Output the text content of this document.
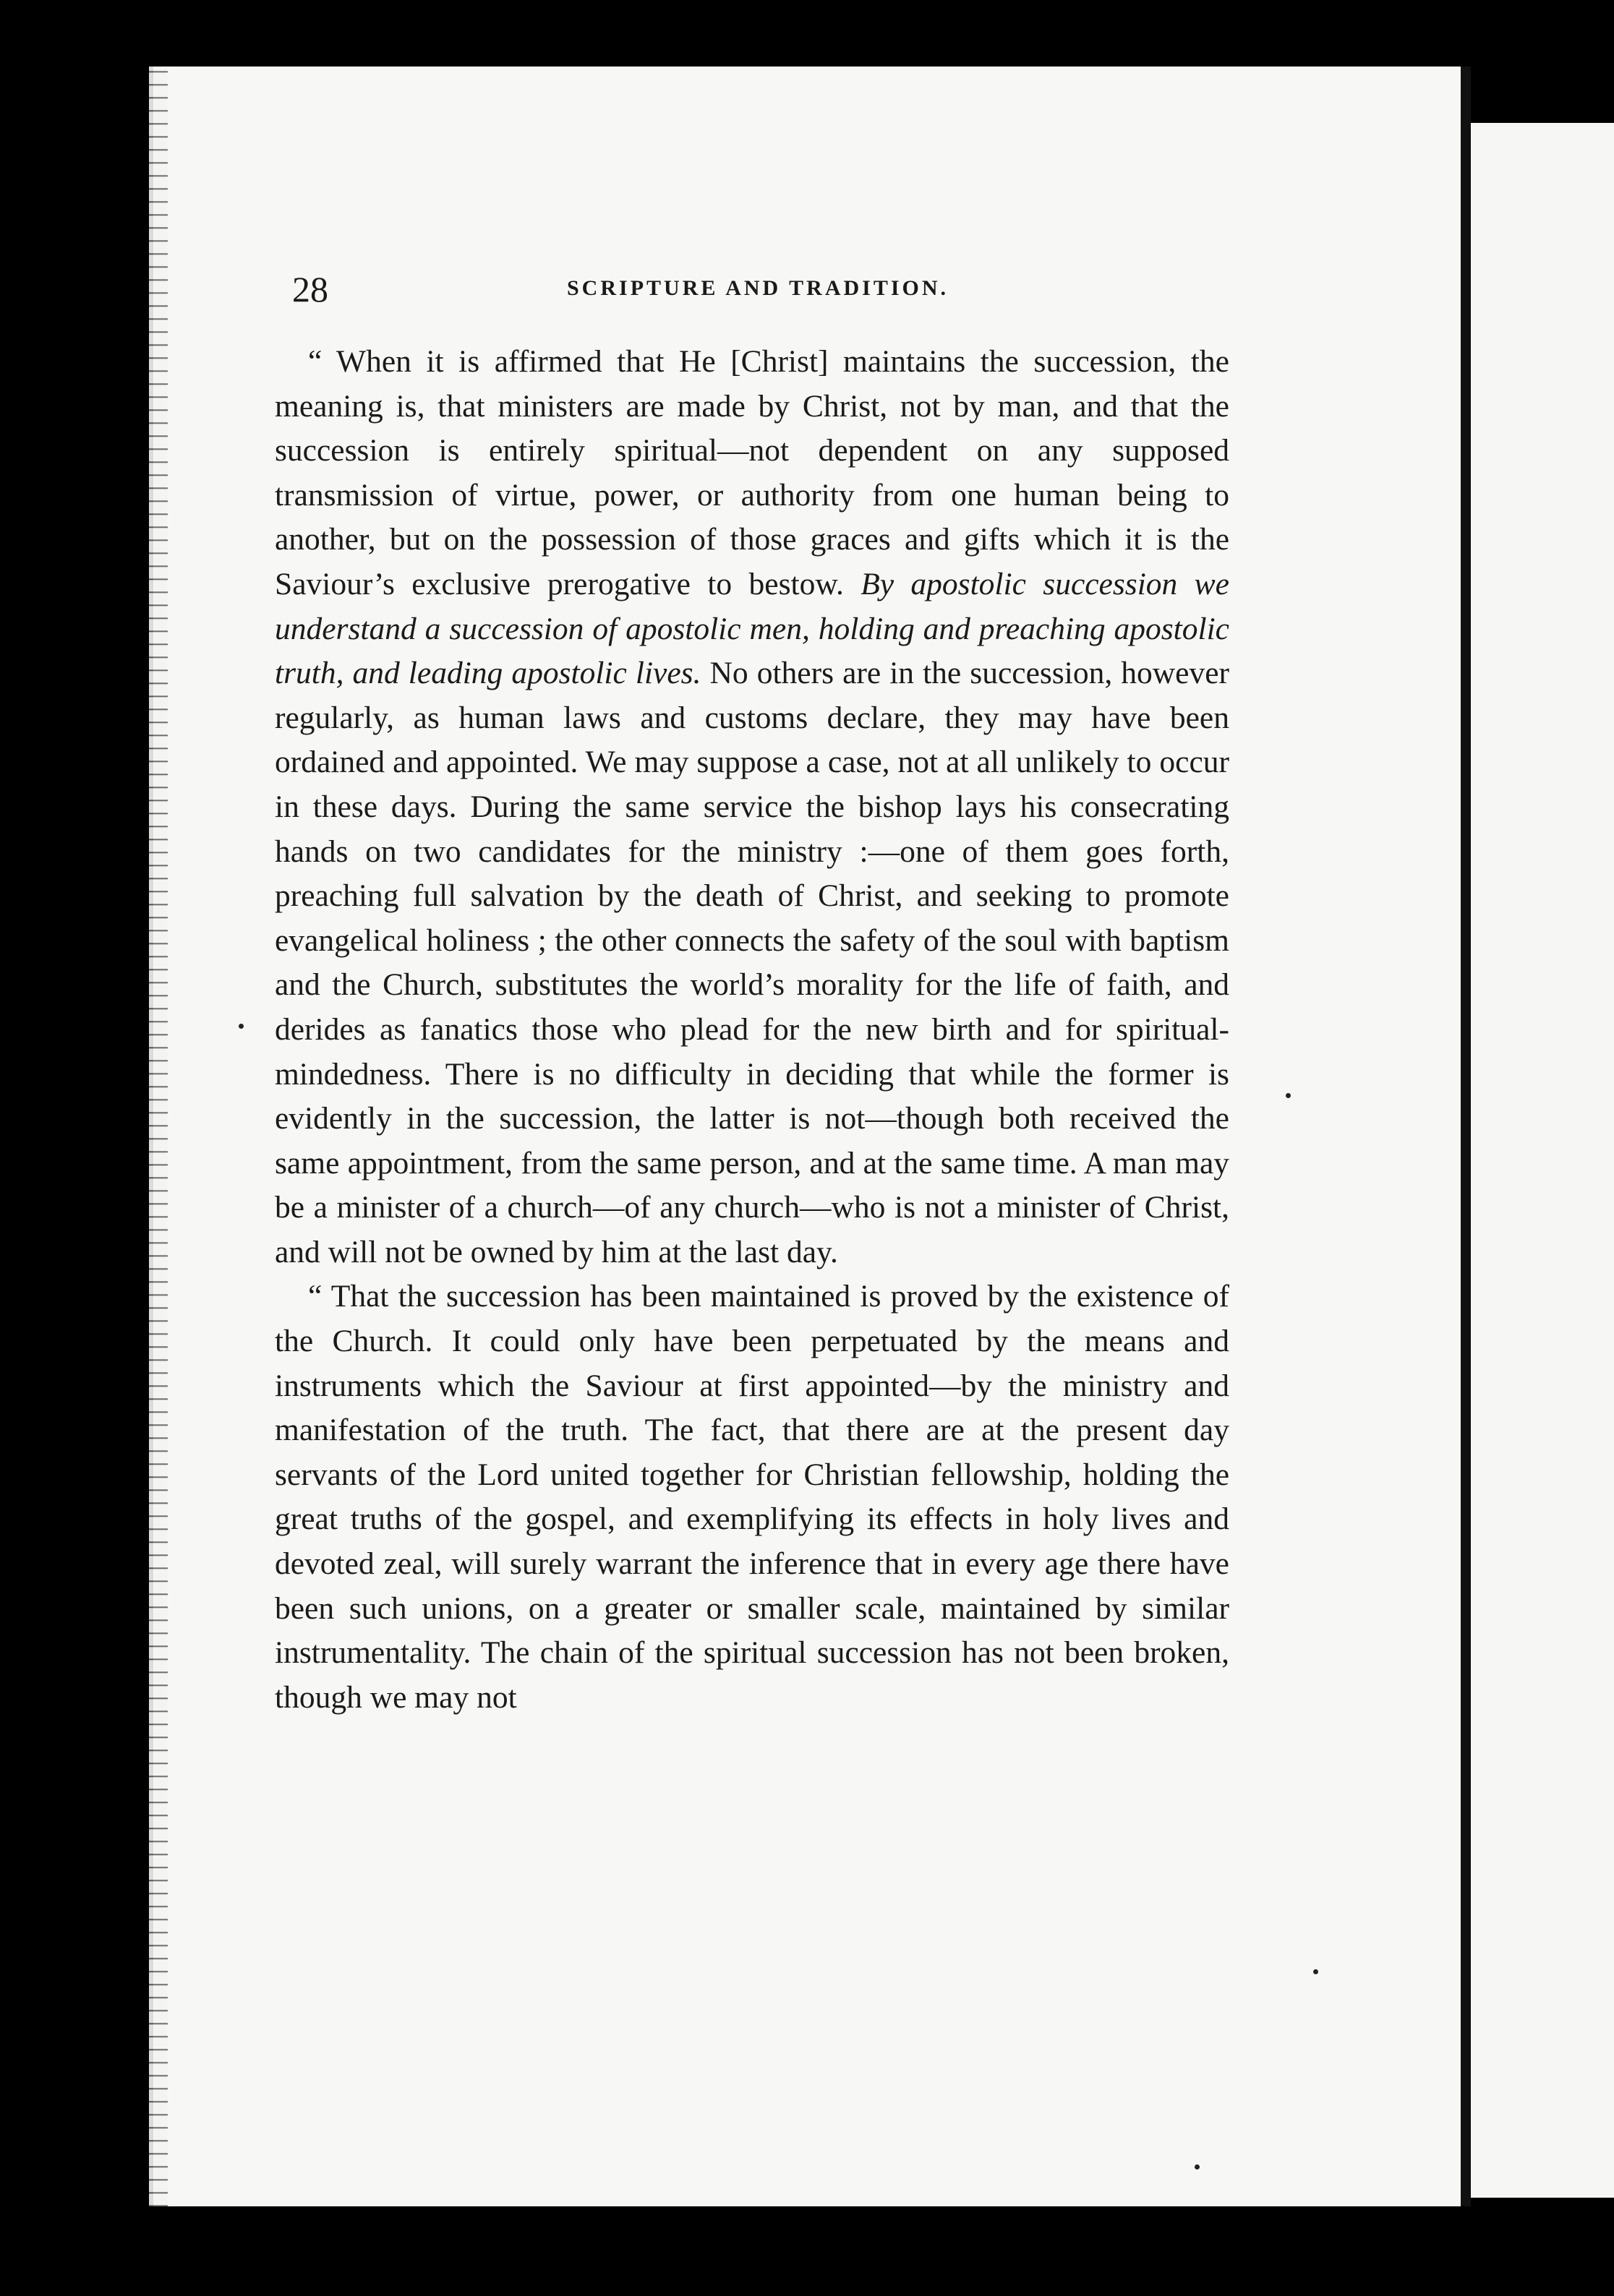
28	SCRIPTURE AND TRADITION.

“ When it is affirmed that He [Christ] maintains the succession, the meaning is, that ministers are made by Christ, not by man, and that the succession is entirely spiritual—not dependent on any supposed transmission of virtue, power, or authority from one human being to another, but on the possession of those graces and gifts which it is the Saviour’s exclusive prerogative to bestow. By apostolic succession we understand a succession of apostolic men, holding and preaching apostolic truth, and leading apostolic lives. No others are in the succession, however regularly, as human laws and customs declare, they may have been ordained and appointed. We may suppose a case, not at all unlikely to occur in these days. During the same service the bishop lays his consecrating hands on two candidates for the ministry :—one of them goes forth, preaching full salvation by the death of Christ, and seeking to promote evangelical holiness ; the other connects the safety of the soul with baptism and the Church, substitutes the world’s morality for the life of faith, and derides as fanatics those who plead for the new birth and for spiritual-mindedness. There is no difficulty in deciding that while the former is evidently in the succession, the latter is not—though both received the same appointment, from the same person, and at the same time. A man may be a minister of a church—of any church—who is not a minister of Christ, and will not be owned by him at the last day.

“ That the succession has been maintained is proved by the existence of the Church. It could only have been perpetuated by the means and instruments which the Saviour at first appointed—by the ministry and manifestation of the truth. The fact, that there are at the present day servants of the Lord united together for Christian fellowship, holding the great truths of the gospel, and exemplifying its effects in holy lives and devoted zeal, will surely warrant the inference that in every age there have been such unions, on a greater or smaller scale, maintained by similar instrumentality. The chain of the spiritual succession has not been broken, though we may not
